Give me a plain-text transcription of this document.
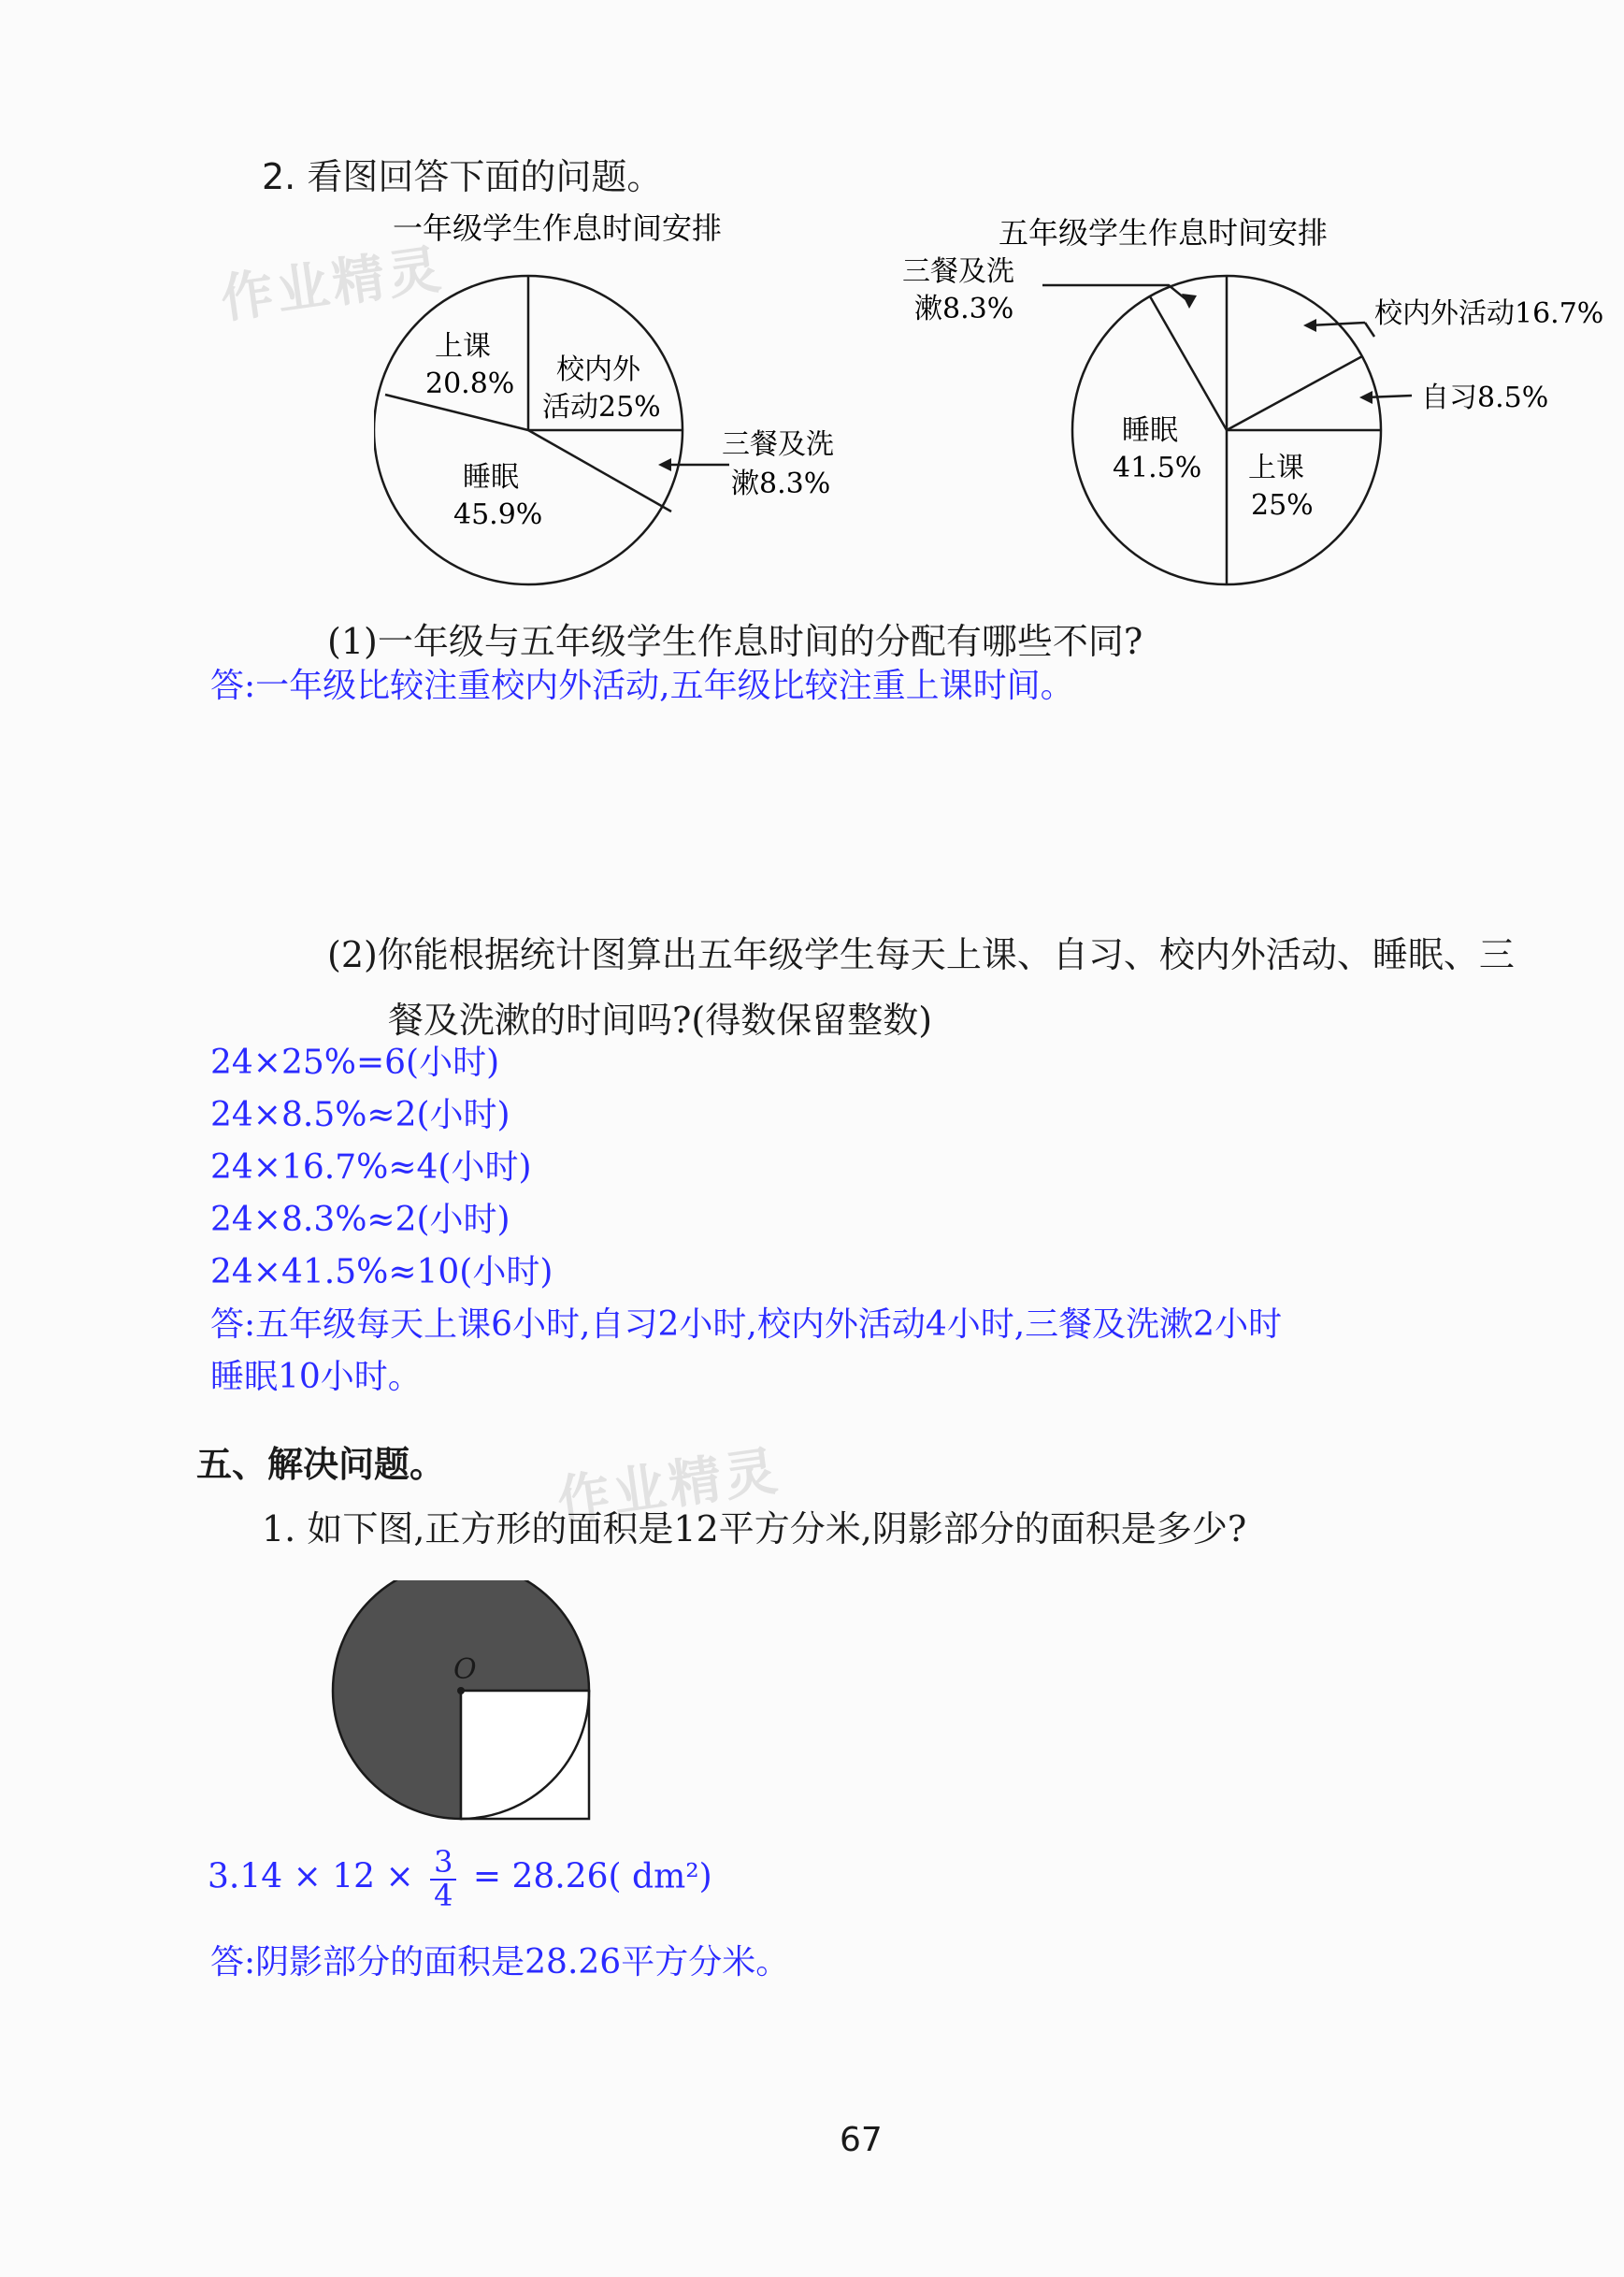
作业精灵
作业精灵
2. 看图回答下面的问题。
一年级学生作息时间安排
上课
20.8% 校内外
活动25%
睡眠
45.9%
三餐及洗
漱8.3%
五年级学生作息时间安排
睡眠
41.5% 上课
25%
三餐及洗
漱8.3%	校内外活动16.7%
自习8.5%
(1)一年级与五年级学生作息时间的分配有哪些不同?
答:一年级比较注重校内外活动,五年级比较注重上课时间。
(2)你能根据统计图算出五年级学生每天上课、自习、校内外活动、睡眠、三
餐及洗漱的时间吗?(得数保留整数)
24×25%=6(小时)
24×8.5%≈2(小时)
24×16.7%≈4(小时)
24×8.3%≈2(小时)
24×41.5%≈10(小时)
答:五年级每天上课6小时,自习2小时,校内外活动4小时,三餐及洗漱2小时
睡眠10小时。
五、解决问题。
1. 如下图,正方形的面积是12平方分米,阴影部分的面积是多少?
O
$3.14 \times 12 \times \frac{3}{4} = 28.26$( dm²)
答:阴影部分的面积是28.26平方分米。
67
